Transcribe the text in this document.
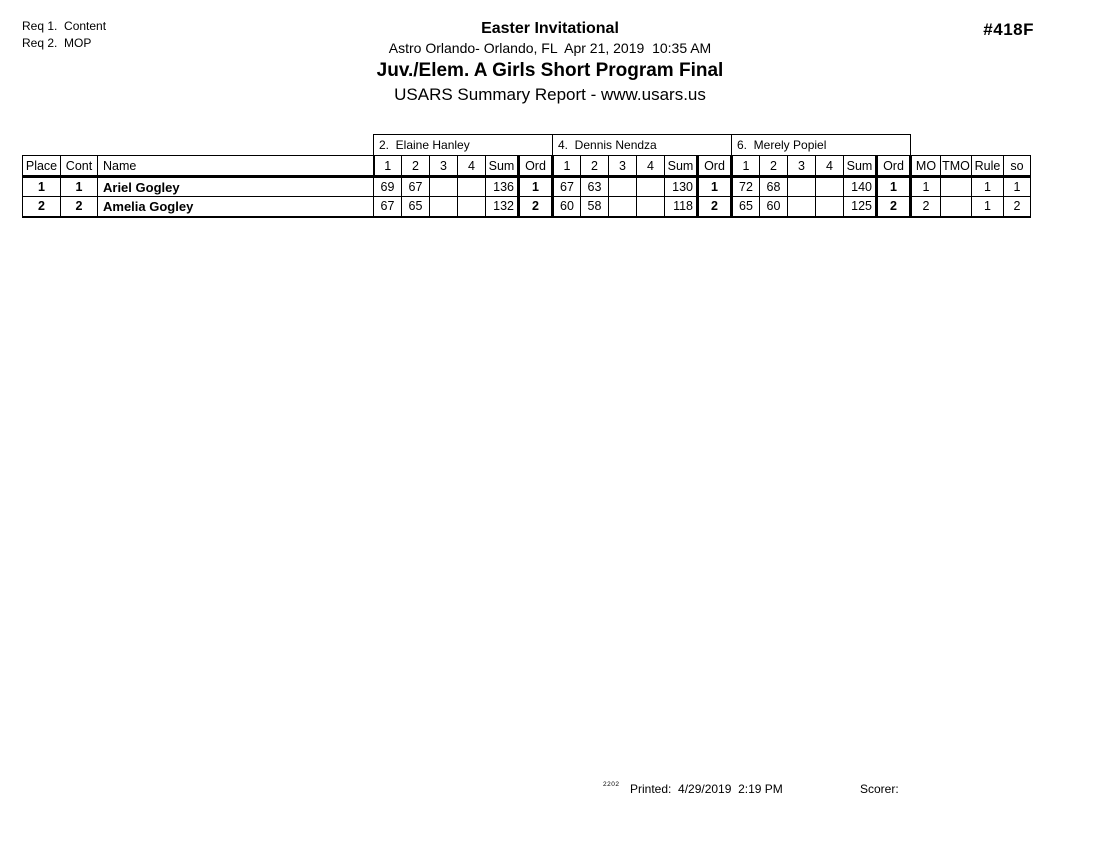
Req 1.  Content
Req 2.  MOP
#418F
Easter Invitational
Astro Orlando- Orlando, FL  Apr 21, 2019  10:35 AM
Juv./Elem. A Girls Short Program Final
USARS Summary Report - www.usars.us
			2.  Elaine Hanley						4.  Dennis Nendza						6.  Merely Popiel									
Place	Cont	Name	1	2	3	4	Sum	Ord	1	2	3	4	Sum	Ord	1	2	3	4	Sum	Ord	MO	TMO	Rule	so
1	1	Ariel Gogley	69	67			136	1	67	63			130	1	72	68			140	1	1		1	1
2	2	Amelia Gogley	67	65			132	2	60	58			118	2	65	60			125	2	2		1	2
2202 Printed:  4/29/2019  2:19 PM	Scorer:
